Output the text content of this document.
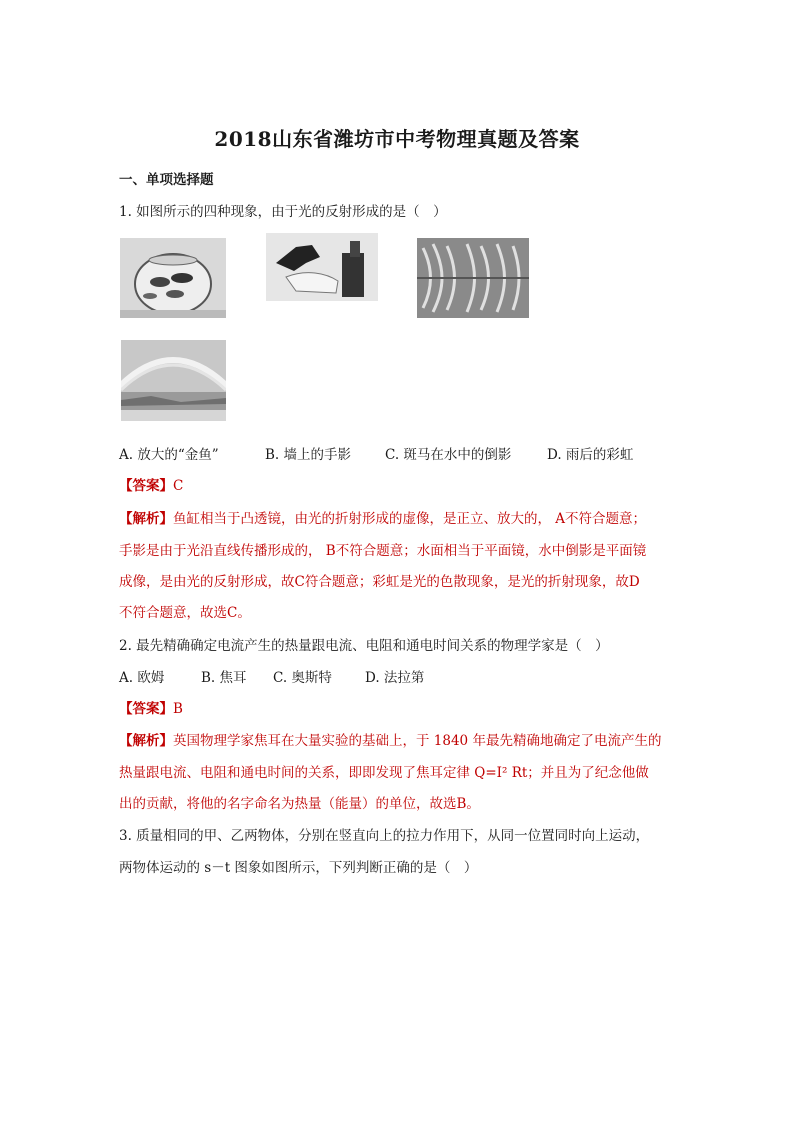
2018山东省潍坊市中考物理真题及答案
一、单项选择题
1. 如图所示的四种现象，由于光的反射形成的是（　）
A. 放大的“金鱼”	B. 墙上的手影	C. 斑马在水中的倒影	D. 雨后的彩虹
【答案】C
【解析】鱼缸相当于凸透镜，由光的折射形成的虚像，是正立、放大的， A不符合题意；
手影是由于光沿直线传播形成的， B不符合题意；水面相当于平面镜，水中倒影是平面镜
成像，是由光的反射形成，故C符合题意；彩虹是光的色散现象，是光的折射现象，故D
不符合题意，故选C。
2. 最先精确确定电流产生的热量跟电流、电阻和通电时间关系的物理学家是（　）
A. 欧姆	B. 焦耳 C. 奥斯特 D. 法拉第
【答案】B
【解析】英国物理学家焦耳在大量实验的基础上，于 1840 年最先精确地确定了电流产生的
热量跟电流、电阻和通电时间的关系，即即发现了焦耳定律 Q=I² Rt；并且为了纪念他做
出的贡献，将他的名字命名为热量（能量）的单位，故选B。
3. 质量相同的甲、乙两物体，分别在竖直向上的拉力作用下，从同一位置同时向上运动，
两物体运动的 s－t 图象如图所示，下列判断正确的是（　）
